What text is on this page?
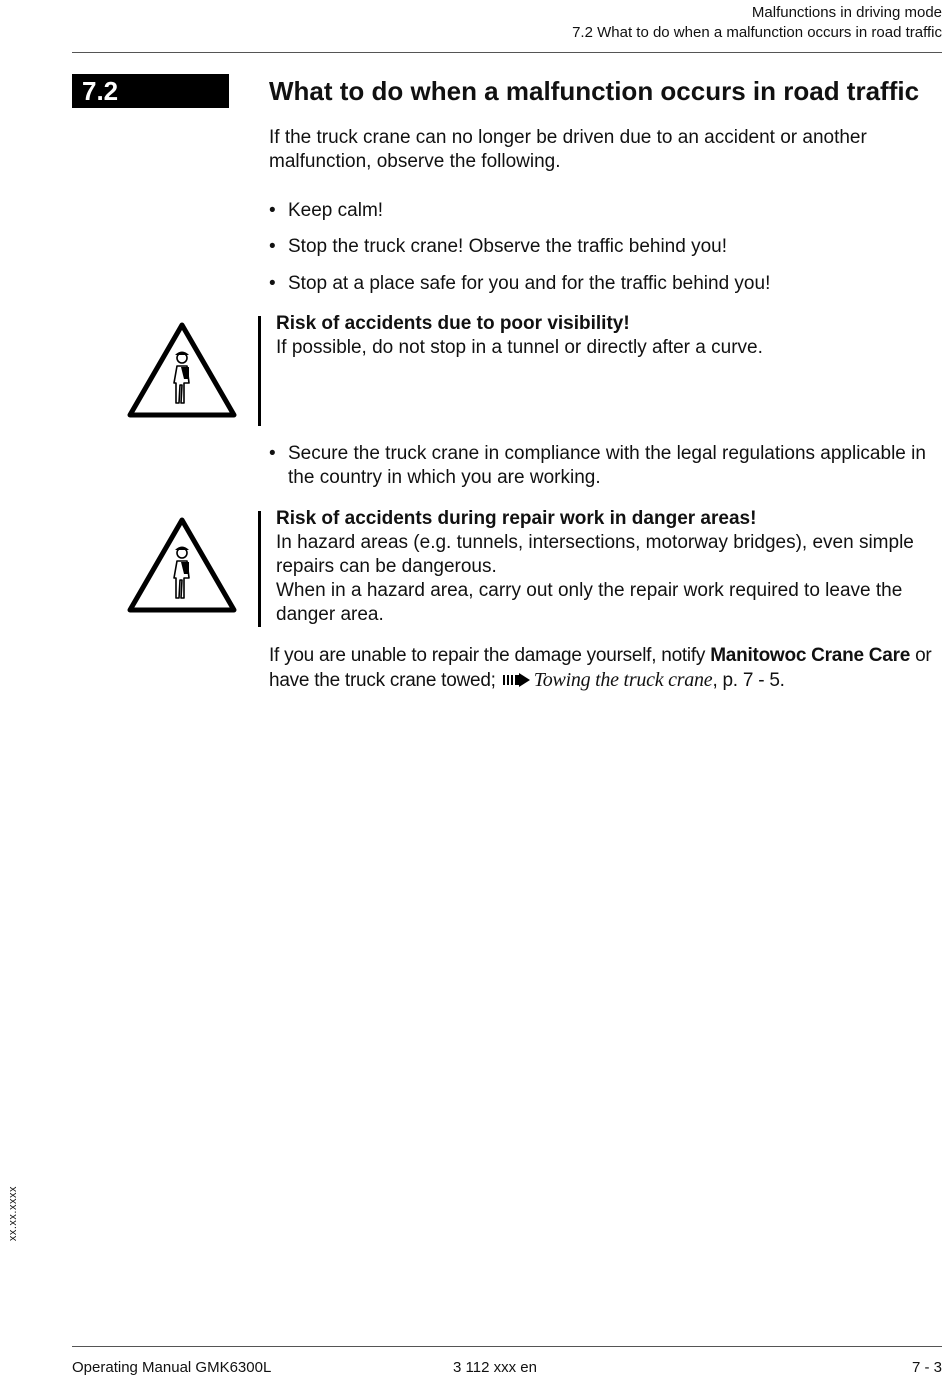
Malfunctions in driving mode
7.2 What to do when a malfunction occurs in road traffic
7.2	What to do when a malfunction occurs in road traffic
If the truck crane can no longer be driven due to an accident or another malfunction, observe the following.
• Keep calm!
• Stop the truck crane! Observe the traffic behind you!
• Stop at a place safe for you and for the traffic behind you!
Risk of accidents due to poor visibility!
If possible, do not stop in a tunnel or directly after a curve.
• Secure the truck crane in compliance with the legal regulations applicable in the country in which you are working.
Risk of accidents during repair work in danger areas!
In hazard areas (e.g. tunnels, intersections, motorway bridges), even simple repairs can be dangerous.
When in a hazard area, carry out only the repair work required to leave the danger area.
If you are unable to repair the damage yourself, notify Manitowoc Crane Care or have the truck crane towed; Towing the truck crane, p. 7 - 5.
xx.xx.xxxx
Operating Manual GMK6300L	3 112 xxx en	7 - 3
